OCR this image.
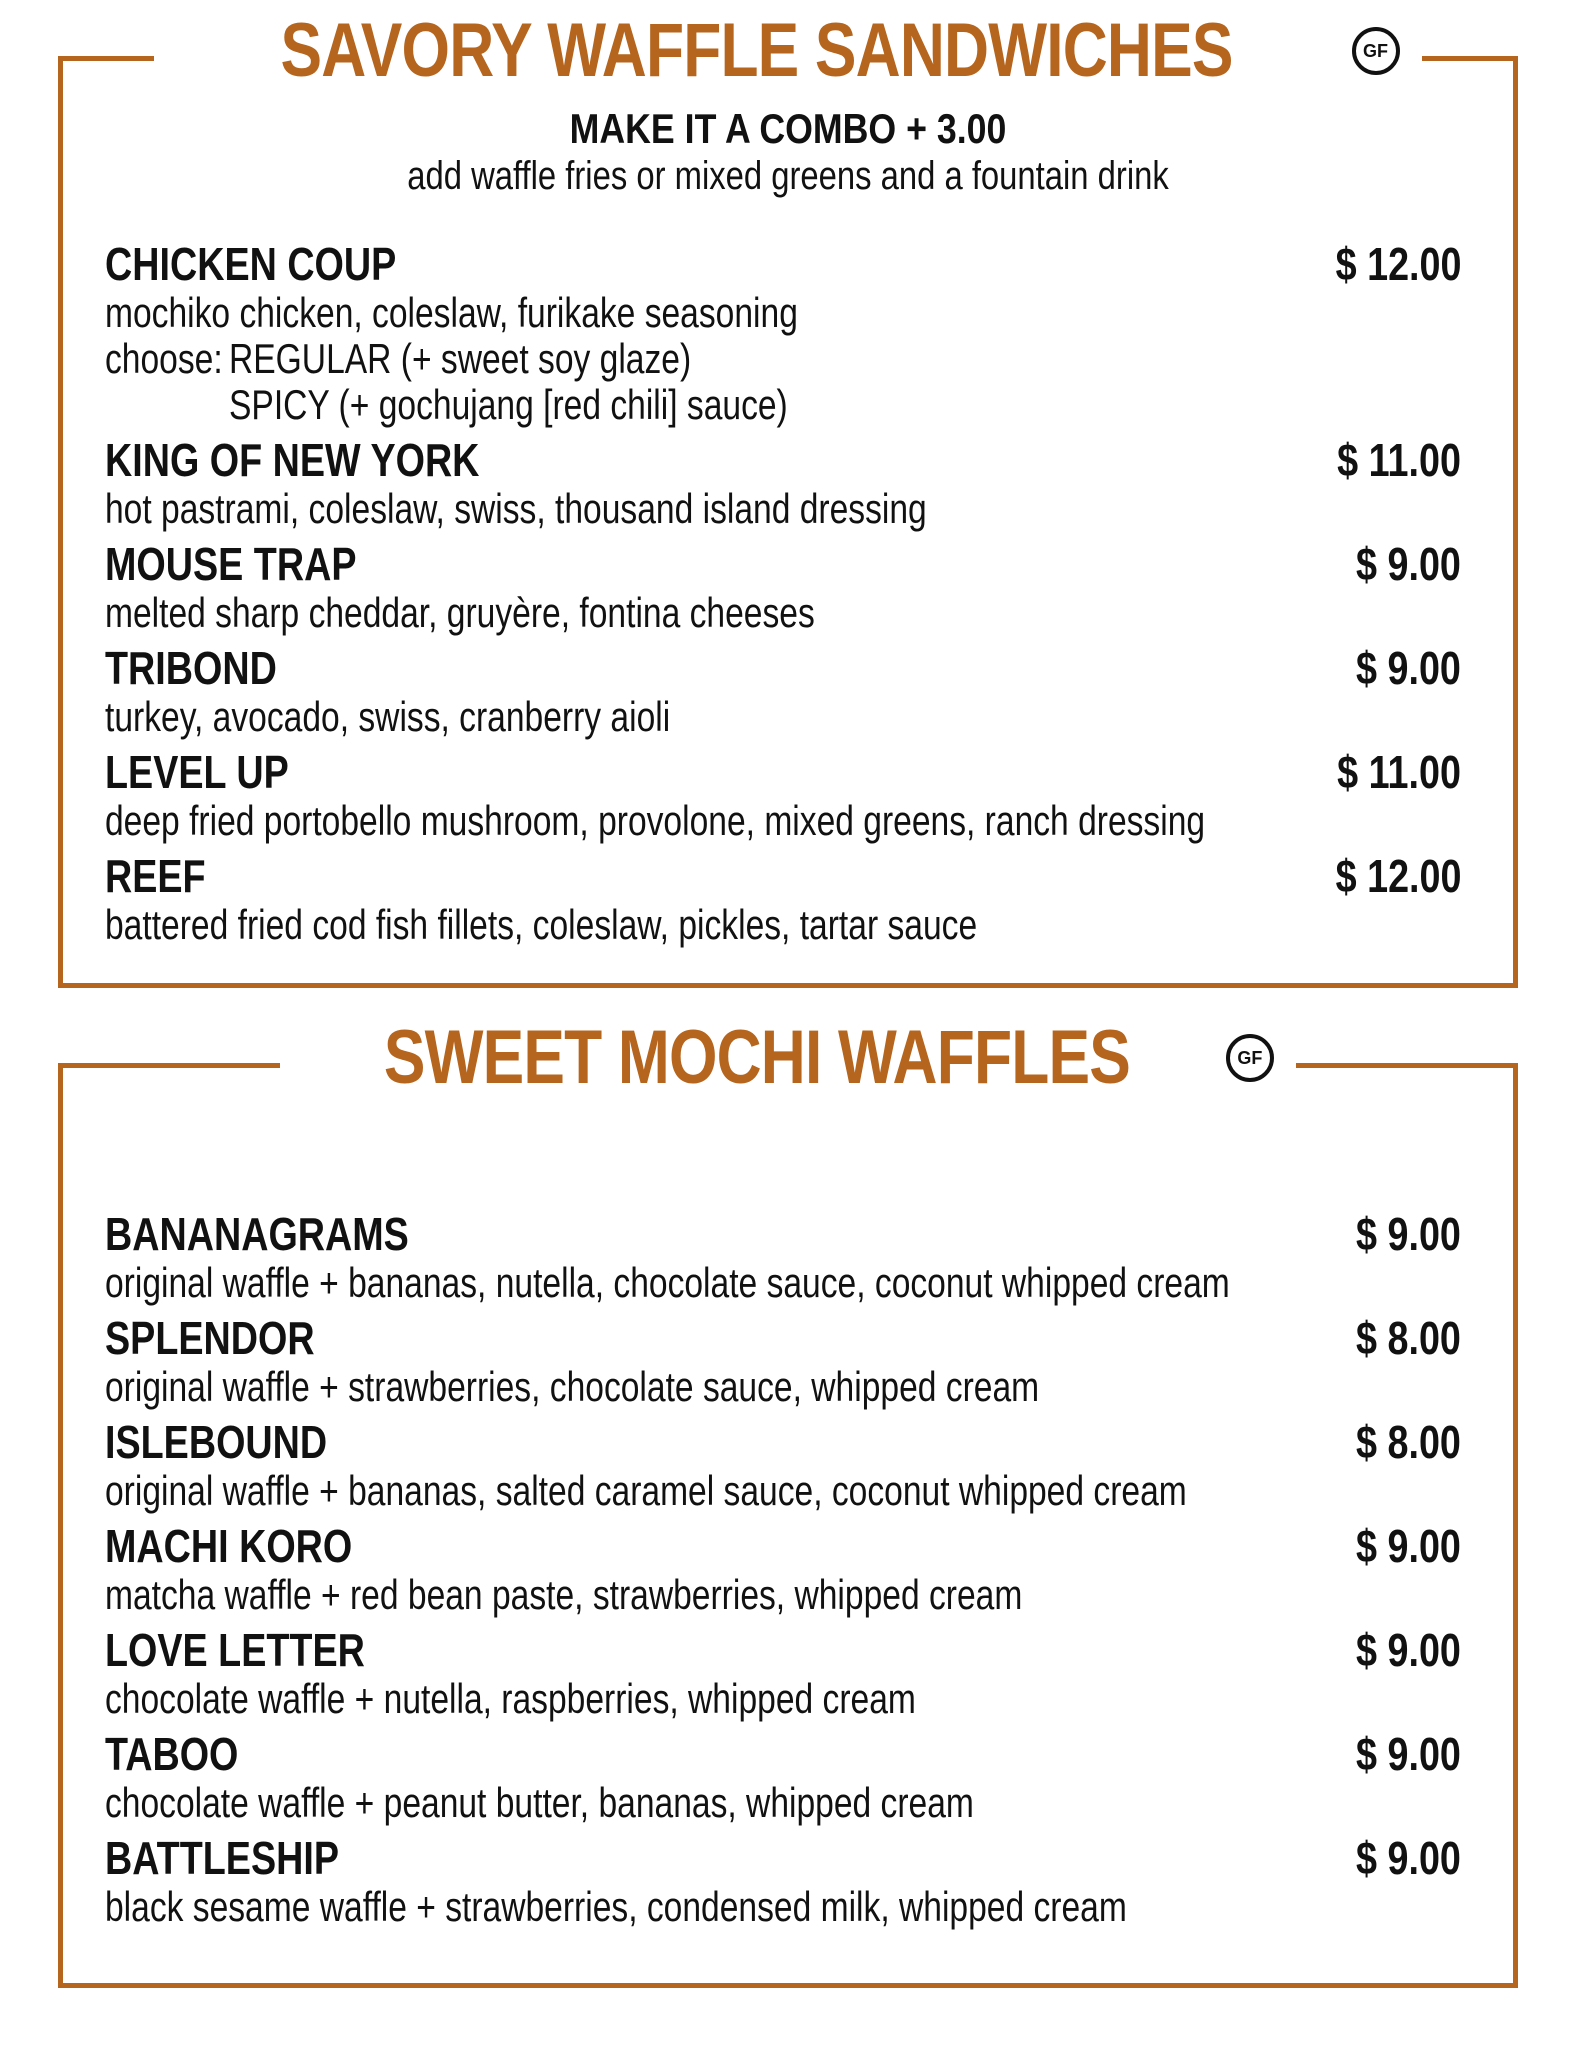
SAVORY WAFFLE SANDWICHES	GF
MAKE IT A COMBO + 3.00
add waffle fries or mixed greens and a fountain drink
CHICKEN COUP	$ 12.00
mochiko chicken, coleslaw, furikake seasoning
choose: REGULAR (+ sweet soy glaze)
SPICY (+ gochujang [red chili] sauce)
KING OF NEW YORK	$ 11.00
hot pastrami, coleslaw, swiss, thousand island dressing
MOUSE TRAP	$ 9.00
melted sharp cheddar, gruyère, fontina cheeses
TRIBOND	$ 9.00
turkey, avocado, swiss, cranberry aioli
LEVEL UP	$ 11.00
deep fried portobello mushroom, provolone, mixed greens, ranch dressing
REEF	$ 12.00
battered fried cod fish fillets, coleslaw, pickles, tartar sauce
SWEET MOCHI WAFFLES	GF
BANANAGRAMS	$ 9.00
original waffle + bananas, nutella, chocolate sauce, coconut whipped cream
SPLENDOR	$ 8.00
original waffle + strawberries, chocolate sauce, whipped cream
ISLEBOUND	$ 8.00
original waffle + bananas, salted caramel sauce, coconut whipped cream
MACHI KORO	$ 9.00
matcha waffle + red bean paste, strawberries, whipped cream
LOVE LETTER	$ 9.00
chocolate waffle + nutella, raspberries, whipped cream
TABOO	$ 9.00
chocolate waffle + peanut butter, bananas, whipped cream
BATTLESHIP	$ 9.00
black sesame waffle + strawberries, condensed milk, whipped cream
